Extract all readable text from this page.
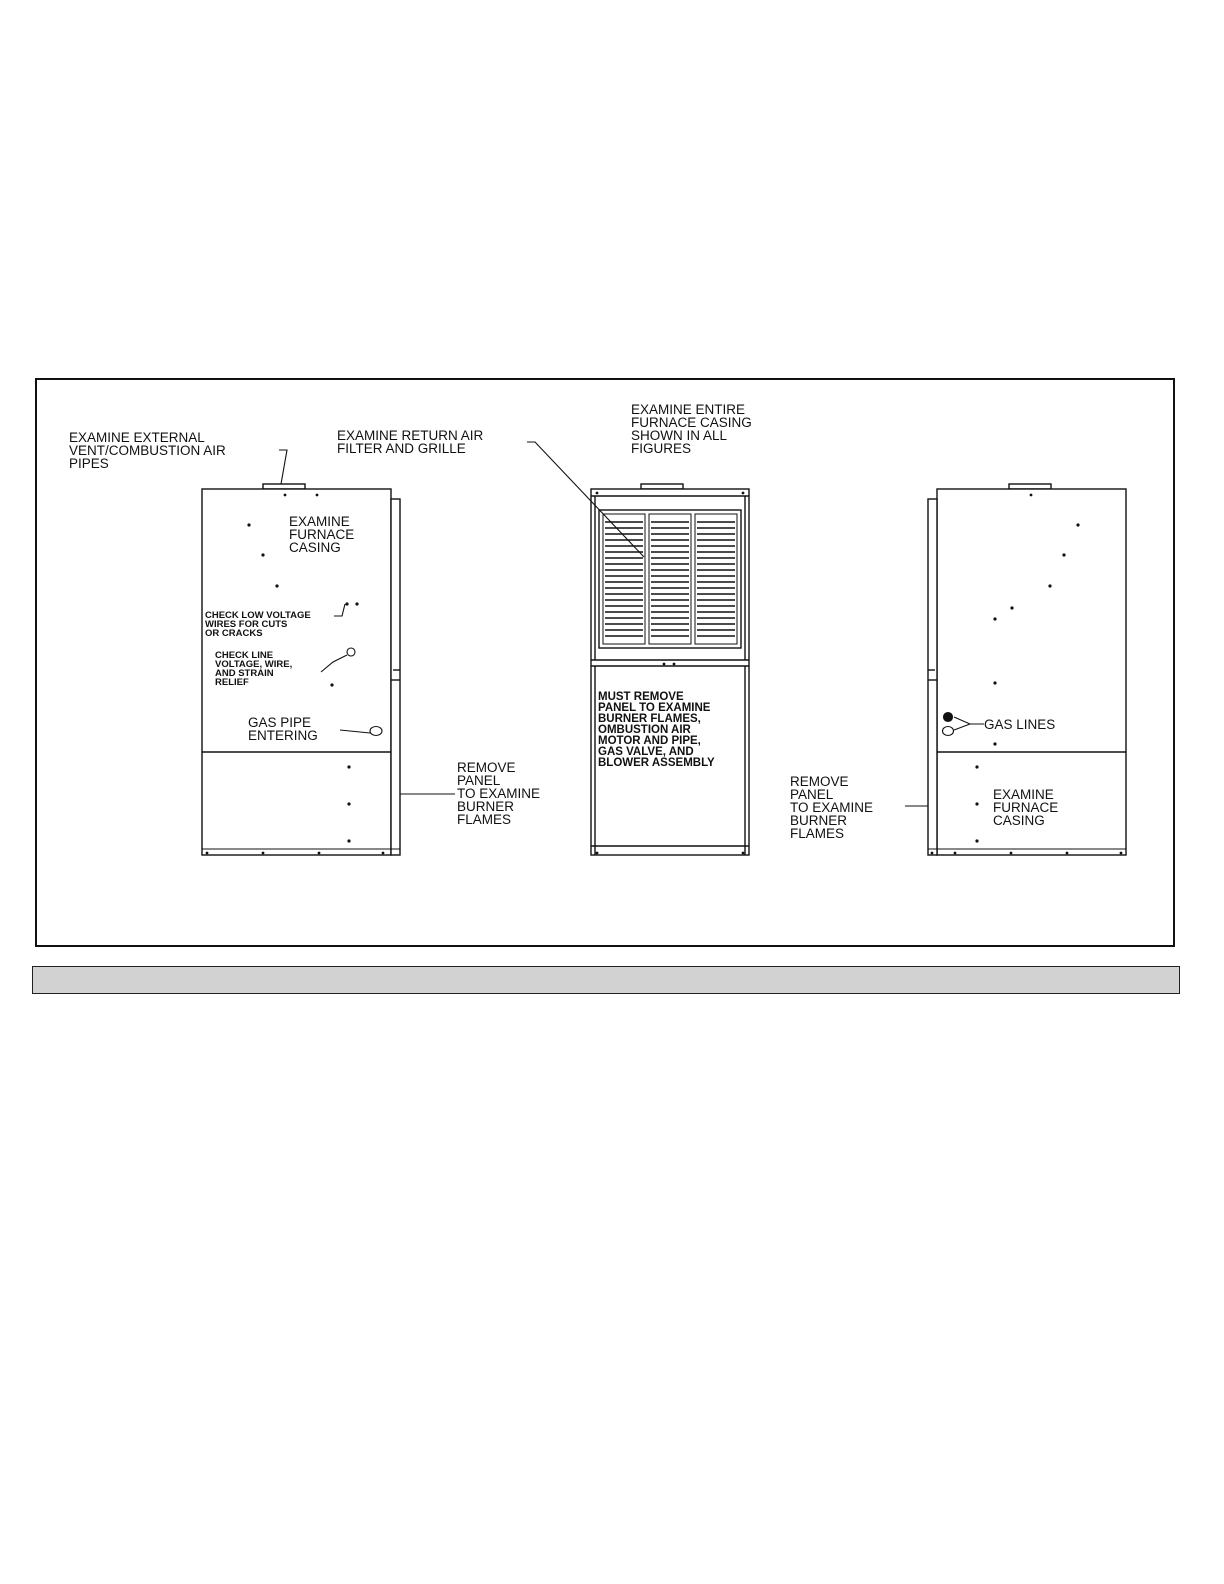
EXAMINE EXTERNAL VENT/COMBUSTION AIR PIPES
EXAMINE FURNACE CASING
CHECK LOW VOLTAGE WIRES FOR CUTS OR CRACKS
CHECK LINE VOLTAGE, WIRE, AND STRAIN RELIEF
GAS PIPE ENTERING
REMOVE PANEL TO EXAMINE BURNER FLAMES
EXAMINE RETURN AIR FILTER AND GRILLE
EXAMINE ENTIRE FURNACE CASING SHOWN IN ALL FIGURES
MUST REMOVE PANEL TO EXAMINE BURNER FLAMES, OMBUSTION AIR MOTOR AND PIPE, GAS VALVE, AND BLOWER ASSEMBLY
GAS LINES
REMOVE PANEL TO EXAMINE BURNER FLAMES
EXAMINE FURNACE CASING
